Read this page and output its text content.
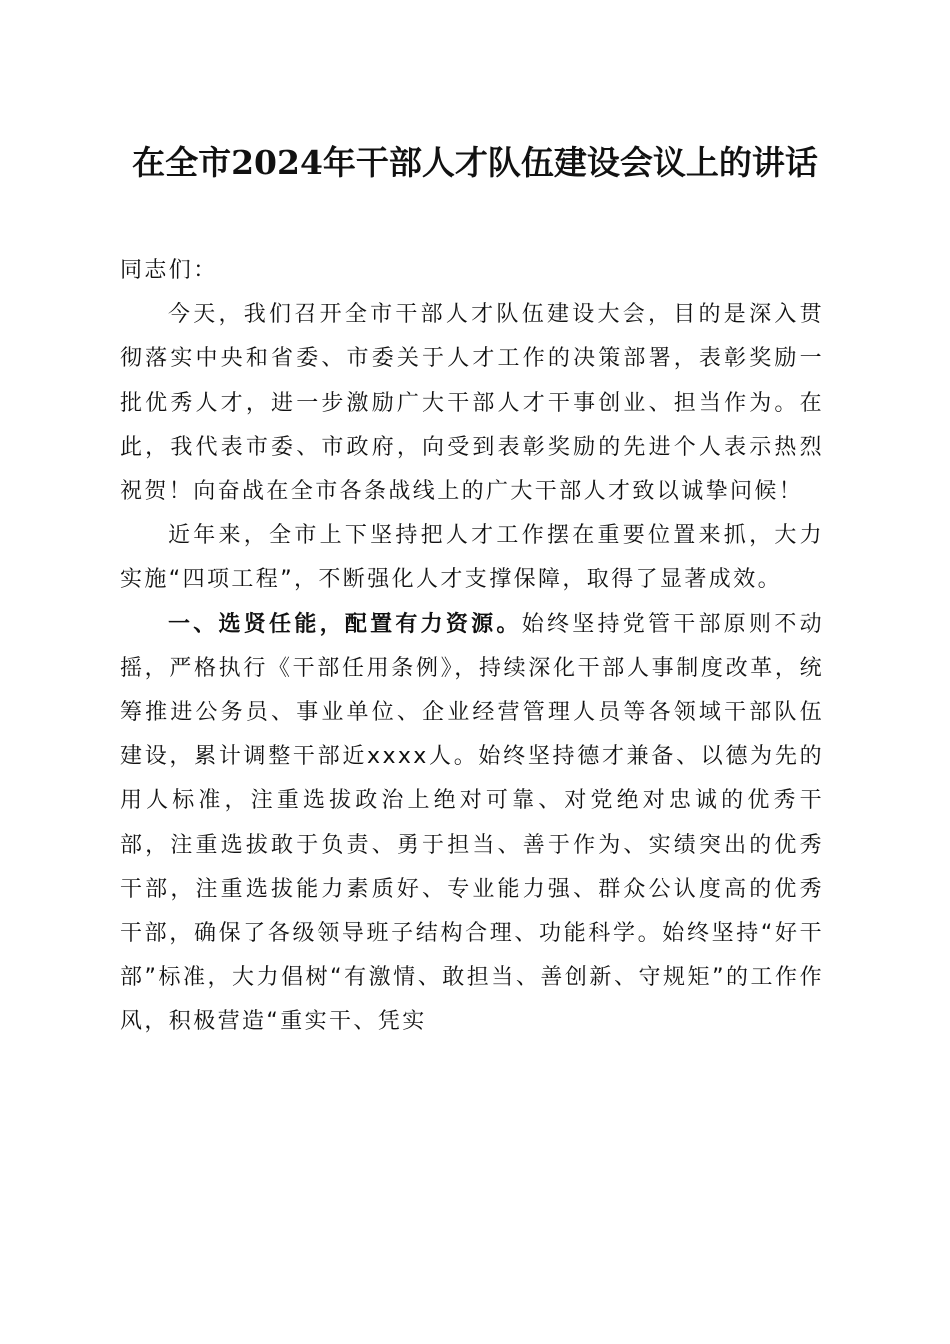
在全市2024年干部人才队伍建设会议上的讲话

同志们：

今天，我们召开全市干部人才队伍建设大会，目的是深入贯彻落实中央和省委、市委关于人才工作的决策部署，表彰奖励一批优秀人才，进一步激励广大干部人才干事创业、担当作为。在此，我代表市委、市政府，向受到表彰奖励的先进个人表示热烈祝贺！向奋战在全市各条战线上的广大干部人才致以诚挚问候！

近年来，全市上下坚持把人才工作摆在重要位置来抓，大力实施“四项工程”，不断强化人才支撑保障，取得了显著成效。

一、选贤任能，配置有力资源。始终坚持党管干部原则不动摇，严格执行《干部任用条例》，持续深化干部人事制度改革，统筹推进公务员、事业单位、企业经营管理人员等各领域干部队伍建设，累计调整干部近xxxx人。始终坚持德才兼备、以德为先的用人标准，注重选拔政治上绝对可靠、对党绝对忠诚的优秀干部，注重选拔敢于负责、勇于担当、善于作为、实绩突出的优秀干部，注重选拔能力素质好、专业能力强、群众公认度高的优秀干部，确保了各级领导班子结构合理、功能科学。始终坚持“好干部”标准，大力倡树“有激情、敢担当、善创新、守规矩”的工作作风，积极营造“重实干、凭实
